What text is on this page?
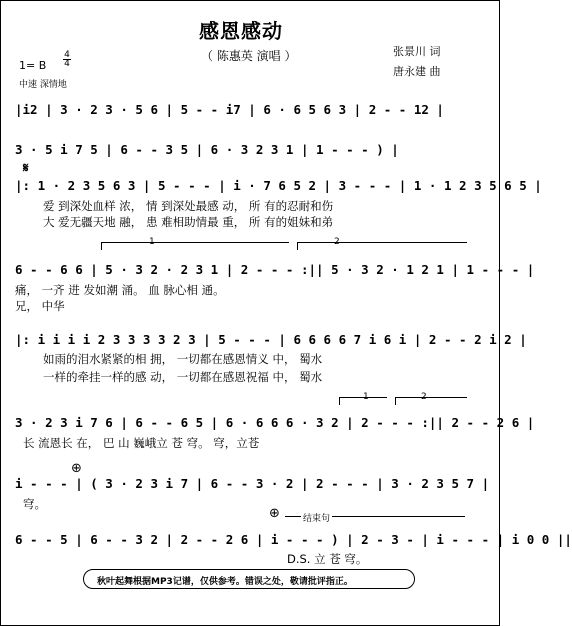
感恩感动
（ 陈惠英 演唱 ）	张景川 词
唐永建 曲
1= B
4
4
中速 深情地
|i2 | 3 · 2 3 · 5 6 | 5 - - i7 | 6 · 6 5 6 3 | 2 - - 12 |
3 · 5 i 7 5 | 6 - - 3 5 | 6 · 3 2 3 1 | 1 - - - ) |
𝄋
|: 1 · 2 3 5 6 3 | 5 - - - | i · 7 6 5 2 | 3 - - - | 1 · 1 2 3 5 6 5 |
爱 到深处血样 浓， 情 到深处最感 动， 所 有的忍耐和伤
大 爱无疆天地 融， 患 难相助情最 重， 所 有的姐妹和弟
1	2
6 - - 6 6 | 5 · 3 2 · 2 3 1 | 2 - - - :|| 5 · 3 2 · 1 2 1 | 1 - - - |
痛， 一齐 进 发如潮 涌。 血 脉心相 通。
兄， 中华
|: i i i i 2 3 3 3 3 2 3 | 5 - - - | 6 6 6 6 7 i 6 i | 2 - - 2 i 2 |
如雨的泪水紧紧的相 拥， 一切都在感恩情义 中， 蜀水
一样的牵挂一样的感 动， 一切都在感恩祝福 中， 蜀水
1	2
3 · 2 3 i 7 6 | 6 - - 6 5 | 6 · 6 6 6 · 3 2 | 2 - - - :|| 2 - - 2 6 |
长 流恩长 在， 巴 山 巍峨立 苍 穹。 穹，立苍
⊕
i - - - | ( 3 · 2 3 i 7 | 6 - - 3 · 2 | 2 - - - | 3 · 2 3 5 7 |
穹。
⊕	结束句
6 - - 5 | 6 - - 3 2 | 2 - - 2 6 | i - - - ) | 2 - 3 - | i - - - | i 0 0 ||
D.S. 立 苍 穹。
秋叶起舞根据MP3记谱，仅供参考。错误之处，敬请批评指正。
